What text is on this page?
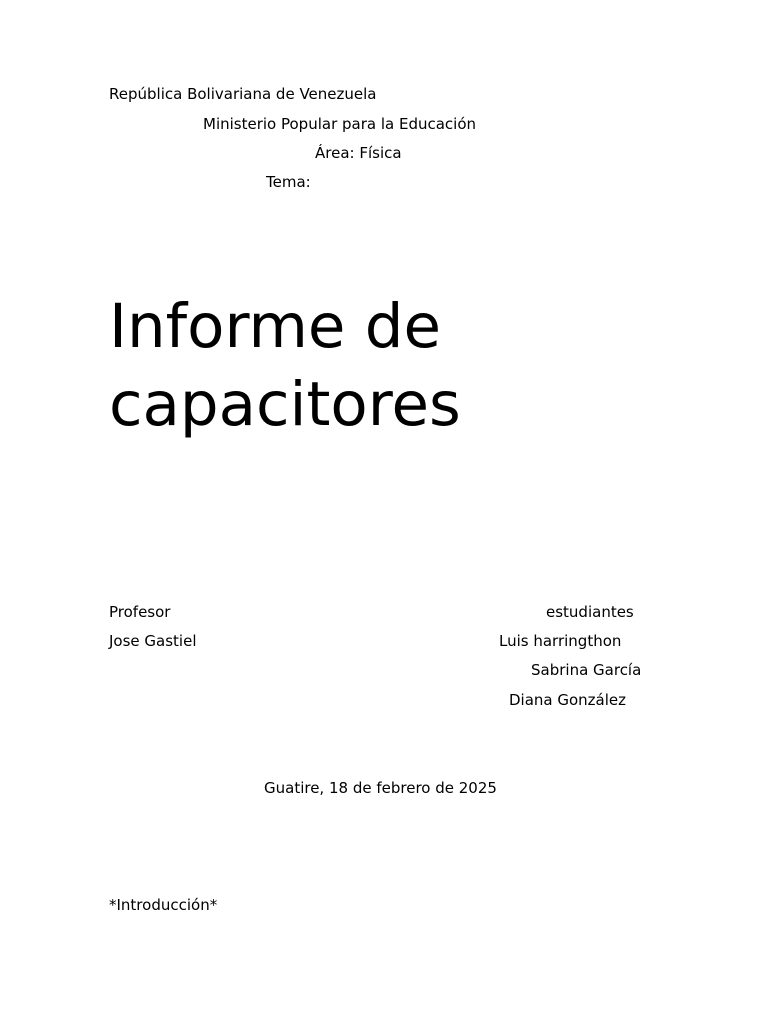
República Bolivariana de Venezuela
Ministerio Popular para la Educación
Área: Física
Tema:
Informe de
capacitores
Profesor	estudiantes
Jose Gastiel	Luis harringthon
Sabrina García
Diana González
Guatire, 18 de febrero de 2025
*Introducción*
